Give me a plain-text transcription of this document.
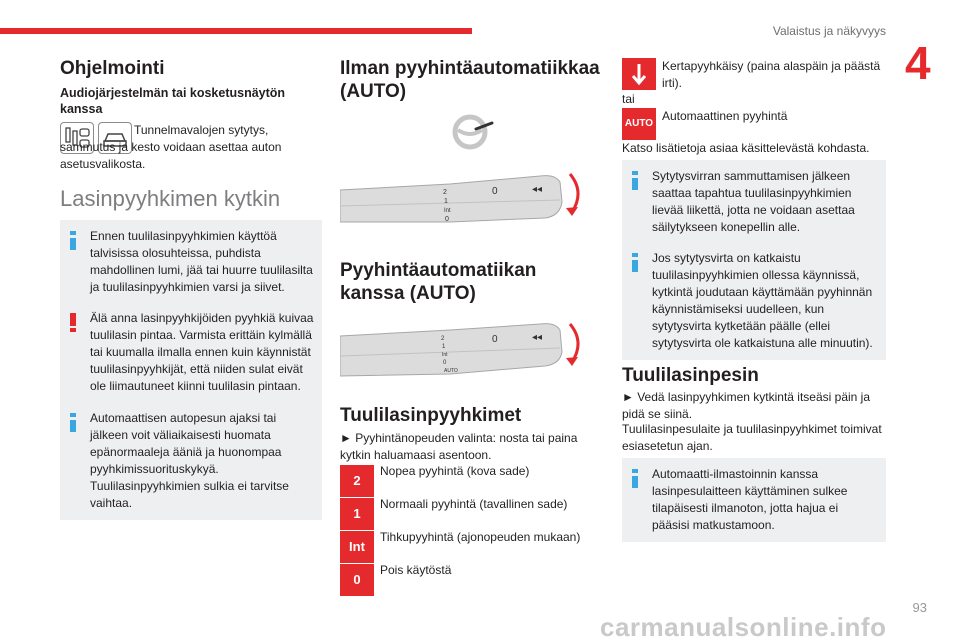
Valaistus ja näkyvyys
4
Ohjelmointi
Audiojärjestelmän tai kosketusnäytön kanssa
Tunnelmavalojen sytytys, sammutus ja kesto voidaan asettaa auton asetusvalikosta.
Lasinpyyhkimen kytkin
Ennen tuulilasinpyyhkimien käyttöä talvisissa olosuhteissa, puhdista mahdollinen lumi, jää tai huurre tuulilasilta ja tuulilasinpyyhkimien varsi ja siivet.
Älä anna lasinpyyhkijöiden pyyhkiä kuivaa tuulilasin pintaa. Varmista erittäin kylmällä tai kuumalla ilmalla ennen kuin käynnistät tuulilasinpyyhkijät, että niiden sulat eivät ole liimautuneet kiinni tuulilasin pintaan.
Automaattisen autopesun ajaksi tai jälkeen voit väliaikaisesti huomata epänormaaleja ääniä ja huonompaa pyyhkimissuorituskykyä. Tuulilasinpyyhkimien sulkia ei tarvitse vaihtaa.
Ilman pyyhintäautomatiikkaa (AUTO)
2
1
Int
0
0	◂◂
Pyyhintäautomatiikan kanssa (AUTO)
2
1
Int
0
AUTO
0	◂◂
Tuulilasinpyyhkimet
► Pyyhintänopeuden valinta: nosta tai paina kytkin haluamaasi asentoon.
2
Nopea pyyhintä (kova sade)
1
Normaali pyyhintä (tavallinen sade)
Int
Tihkupyyhintä (ajonopeuden mukaan)
0
Pois käytöstä
Kertapyyhkäisy (paina alaspäin ja päästä irti).
tai
AUTO
Automaattinen pyyhintä
Katso lisätietoja asiaa käsittelevästä kohdasta.
Sytytysvirran sammuttamisen jälkeen saattaa tapahtua tuulilasinpyyhkimien lievää liikettä, jotta ne voidaan asettaa säilytykseen konepellin alle.
Jos sytytysvirta on katkaistu tuulilasinpyyhkimien ollessa käynnissä, kytkintä joudutaan käyttämään pyyhinnän käynnistämiseksi uudelleen, kun sytytysvirta kytketään päälle (ellei sytytysvirta ole katkaistuna alle minuutin).
Tuulilasinpesin
► Vedä lasinpyyhkimen kytkintä itseäsi päin ja pidä se siinä.
Tuulilasinpesulaite ja tuulilasinpyyhkimet toimivat esiasetetun ajan.
Automaatti-ilmastoinnin kanssa lasinpesulaitteen käyttäminen sulkee tilapäisesti ilmanoton, jotta hajua ei pääsisi matkustamoon.
carmanualsonline.info
93
